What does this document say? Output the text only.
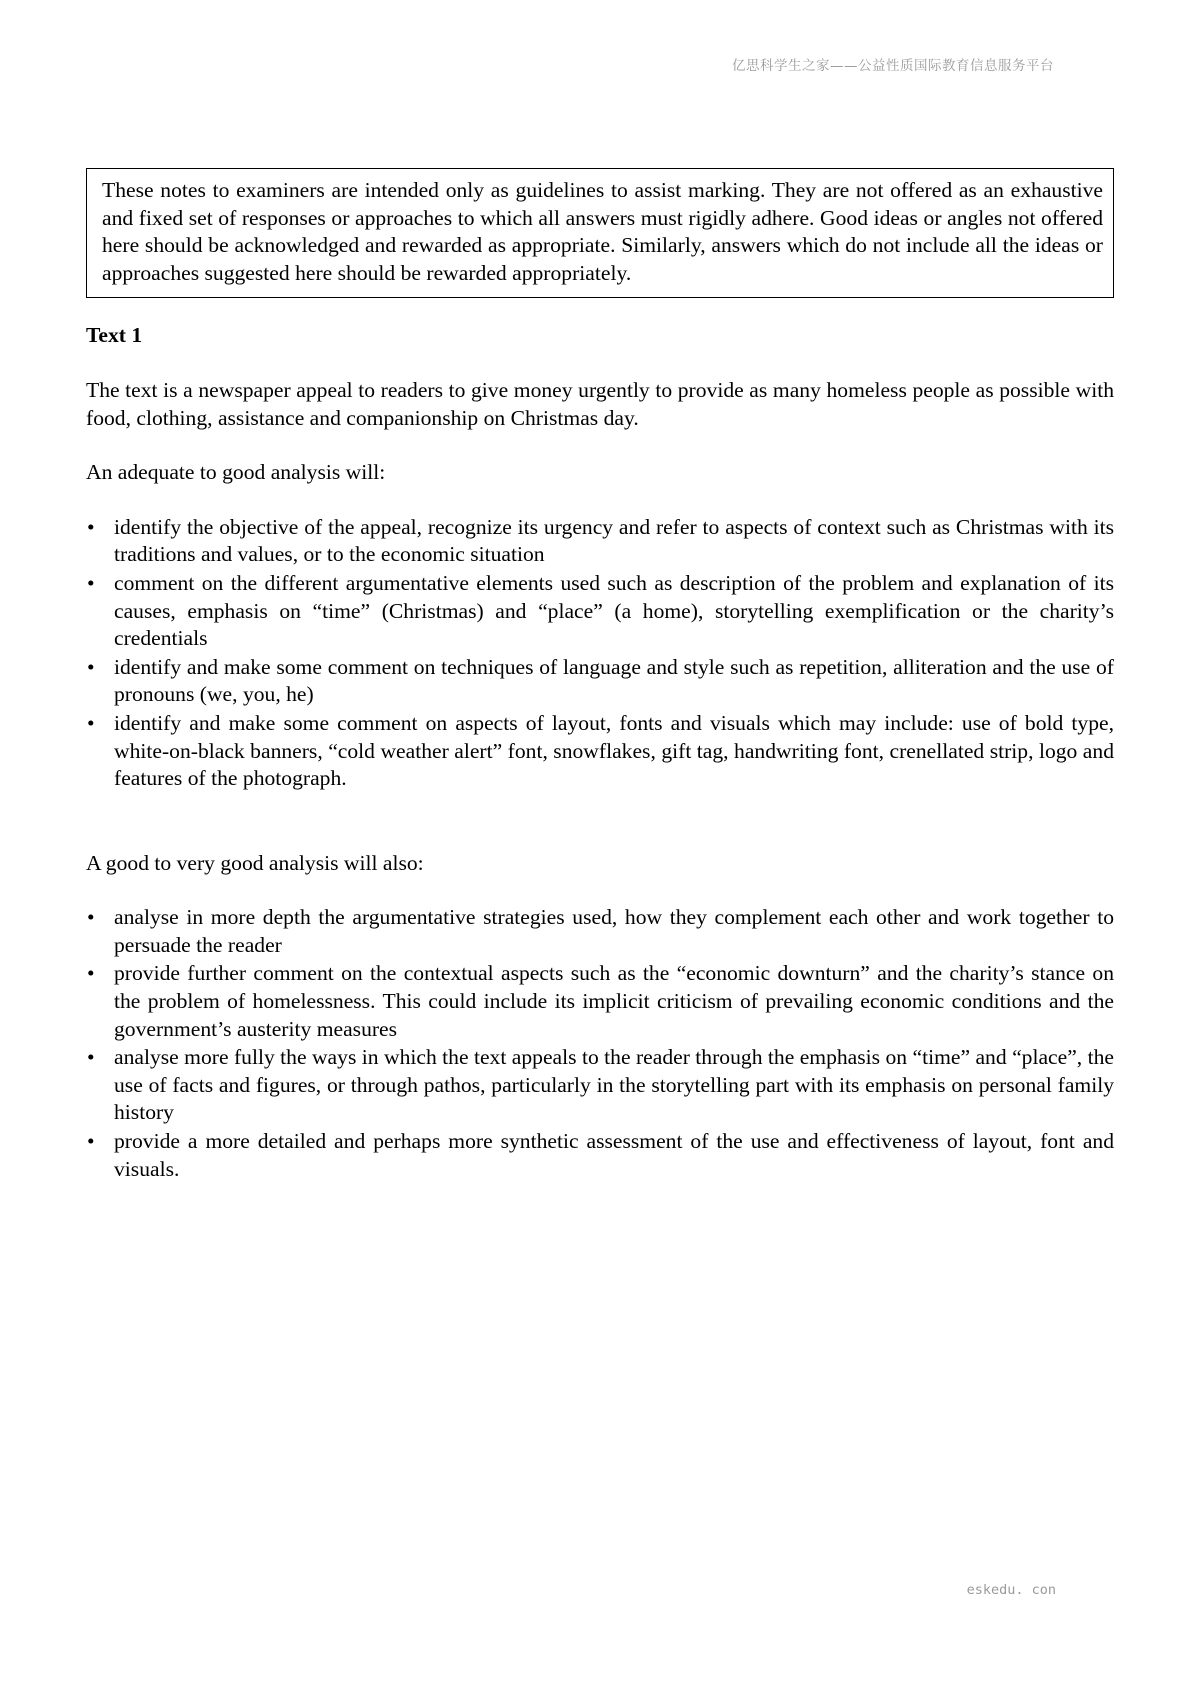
亿思科学生之家——公益性质国际教育信息服务平台
These notes to examiners are intended only as guidelines to assist marking. They are not offered as an exhaustive and fixed set of responses or approaches to which all answers must rigidly adhere. Good ideas or angles not offered here should be acknowledged and rewarded as appropriate. Similarly, answers which do not include all the ideas or approaches suggested here should be rewarded appropriately.
Text 1

The text is a newspaper appeal to readers to give money urgently to provide as many homeless people as possible with food, clothing, assistance and companionship on Christmas day.

An adequate to good analysis will:

• identify the objective of the appeal, recognize its urgency and refer to aspects of context such as Christmas with its traditions and values, or to the economic situation
• comment on the different argumentative elements used such as description of the problem and explanation of its causes, emphasis on “time” (Christmas) and “place” (a home), storytelling exemplification or the charity’s credentials
• identify and make some comment on techniques of language and style such as repetition, alliteration and the use of pronouns (we, you, he)
• identify and make some comment on aspects of layout, fonts and visuals which may include: use of bold type, white-on-black banners, “cold weather alert” font, snowflakes, gift tag, handwriting font, crenellated strip, logo and features of the photograph.

A good to very good analysis will also:

• analyse in more depth the argumentative strategies used, how they complement each other and work together to persuade the reader
• provide further comment on the contextual aspects such as the “economic downturn” and the charity’s stance on the problem of homelessness. This could include its implicit criticism of prevailing economic conditions and the government’s austerity measures
• analyse more fully the ways in which the text appeals to the reader through the emphasis on “time” and “place”, the use of facts and figures, or through pathos, particularly in the storytelling part with its emphasis on personal family history
• provide a more detailed and perhaps more synthetic assessment of the use and effectiveness of layout, font and visuals.
eskedu. con
